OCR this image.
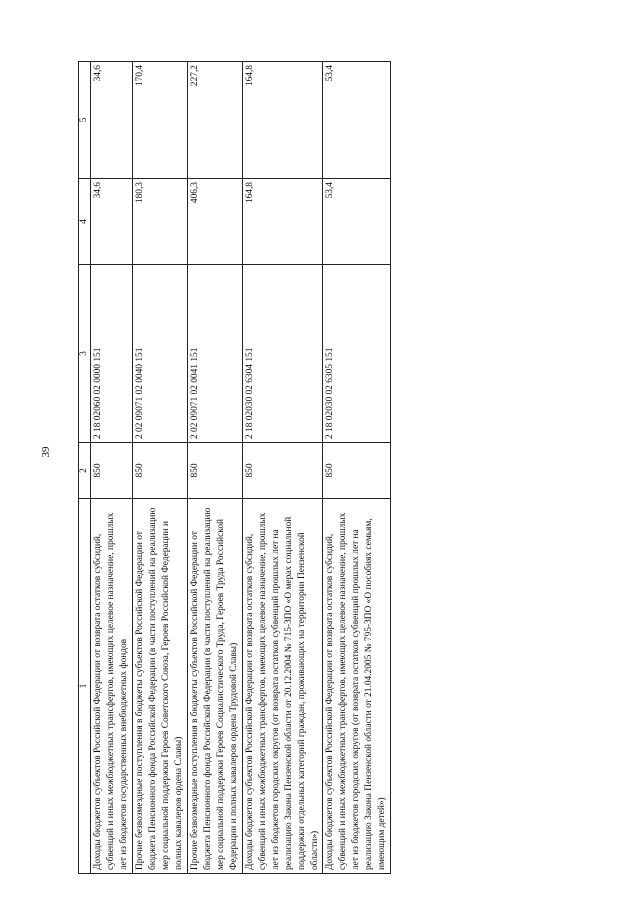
39
1	2	3	4	5
Доходы бюджетов субъектов Российской Федерации от возврата остатков субсидий, субвенций и иных межбюджетных трансфертов, имеющих целевое назначение, прошлых лет из бюджетов государственных внебюджетных фондов	850	2 18 02060 02 0000 151	34,6	34,6
Прочие безвозмездные поступления в бюджеты субъектов Российской Федерации от бюджета Пенсионного фонда Российской Федерации (в части поступлений на реализацию мер социальной поддержки Героев Советского Союза, Героев Российской Федерации и полных кавалеров ордена Славы)	850	2 02 09071 02 0040 151	180,3	170,4
Прочие безвозмездные поступления в бюджеты субъектов Российской Федерации от бюджета Пенсионного фонда Российской Федерации (в части поступлений на реализацию мер социальной поддержки Героев Социалистического Труда, Героев Труда Российской Федерации и полных кавалеров ордена Трудовой Славы)	850	2 02 09071 02 0041 151	406,3	227,2
Доходы бюджетов субъектов Российской Федерации от возврата остатков субсидий, субвенций и иных межбюджетных трансфертов, имеющих целевое назначение, прошлых лет из бюджетов городских округов (от возврата остатков субвенций прошлых лет на реализацию Закона Пензенской области от 20.12.2004 № 715-ЗПО «О мерах социальной поддержки отдельных категорий граждан, проживающих на территории Пензенской области»)	850	2 18 02030 02 6304 151	164,8	164,8
Доходы бюджетов субъектов Российской Федерации от возврата остатков субсидий, субвенций и иных межбюджетных трансфертов, имеющих целевое назначение, прошлых лет из бюджетов городских округов (от возврата остатков субвенций прошлых лет на реализацию Закона Пензенской области от 21.04.2005 № 795-ЗПО «О пособиях семьям, имеющим детей»)	850	2 18 02030 02 6305 151	53,4	53,4
